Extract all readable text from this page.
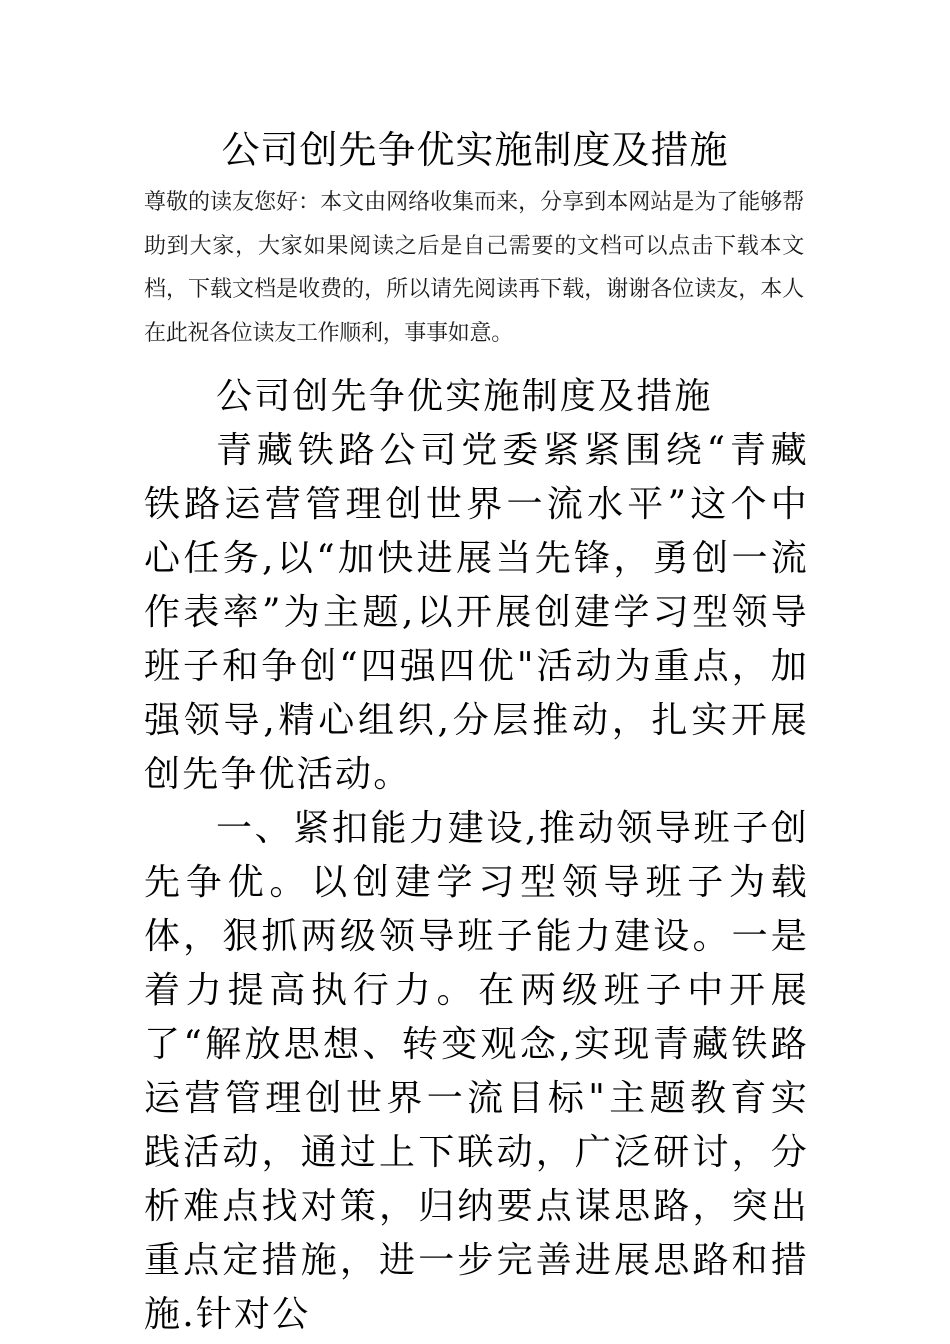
公司创先争优实施制度及措施

尊敬的读友您好：本文由网络收集而来，分享到本网站是为了能够帮助到大家，大家如果阅读之后是自己需要的文档可以点击下载本文档，下载文档是收费的，所以请先阅读再下载，谢谢各位读友，本人在此祝各位读友工作顺利，事事如意。

公司创先争优实施制度及措施

青藏铁路公司党委紧紧围绕“青藏铁路运营管理创世界一流水平”这个中心任务,以“加快进展当先锋，勇创一流作表率”为主题,以开展创建学习型领导班子和争创“四强四优"活动为重点，加强领导,精心组织,分层推动，扎实开展创先争优活动。

一、紧扣能力建设,推动领导班子创先争优。以创建学习型领导班子为载体，狠抓两级领导班子能力建设。一是着力提高执行力。在两级班子中开展了“解放思想、转变观念,实现青藏铁路运营管理创世界一流目标"主题教育实践活动，通过上下联动，广泛研讨，分析难点找对策，归纳要点谋思路，突出重点定措施，进一步完善进展思路和措施.针对公
